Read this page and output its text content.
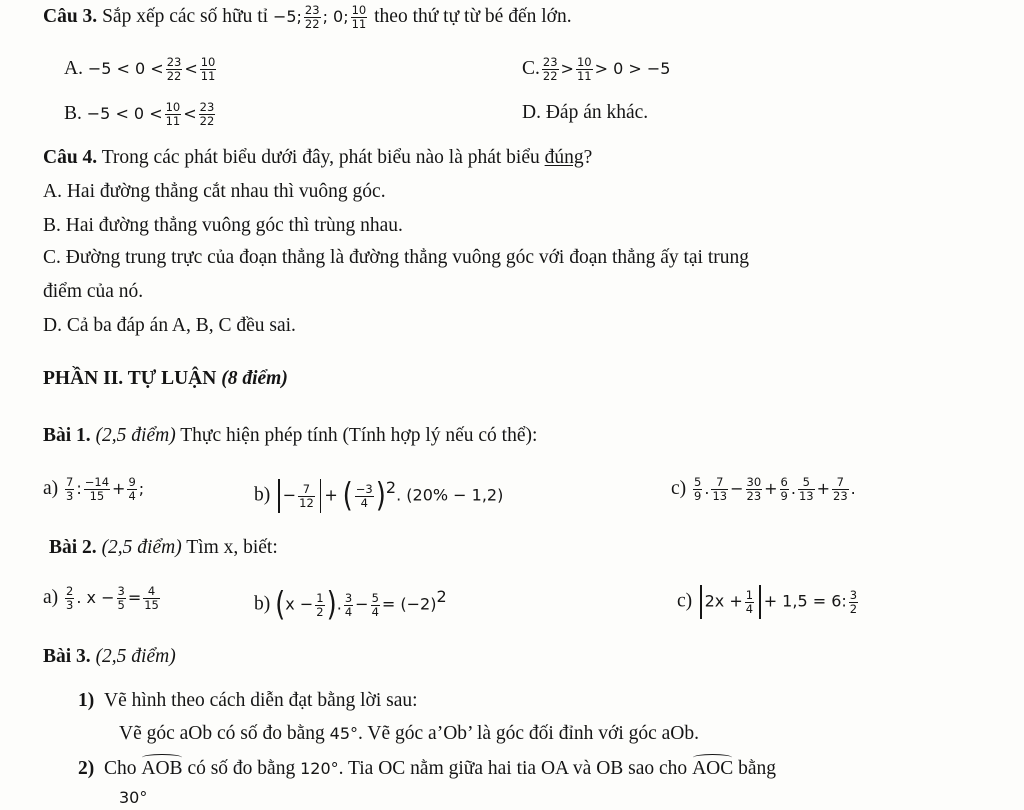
Câu 3. Sắp xếp các số hữu tỉ −5; $\frac{23}{22}$ ; 0; $\frac{10}{11}$ theo thứ tự từ bé đến lớn.
A. $-5 < 0 < \frac{23}{22} < \frac{10}{11}$	C. $\frac{23}{22} > \frac{10}{11} > 0 > -5$
B. $-5 < 0 < \frac{10}{11} < \frac{23}{22}$	D. Đáp án khác.
Câu 4. Trong các phát biểu dưới đây, phát biểu nào là phát biểu đúng?
A. Hai đường thẳng cắt nhau thì vuông góc.
B. Hai đường thẳng vuông góc thì trùng nhau.
C. Đường trung trực của đoạn thẳng là đường thẳng vuông góc với đoạn thẳng ấy tại trung
điểm của nó.
D. Cả ba đáp án A, B, C đều sai.
PHẦN II. TỰ LUẬN (8 điểm)
Bài 1. (2,5 điểm) Thực hiện phép tính (Tính hợp lý nếu có thể):
$a) \frac{7}{3}$ : $\frac{-14}{15} + \frac{9}{4}$ ;	$b) - \frac{7}{12}$ + ( $\frac{-3}{4} )^2$. (20% − 1,2)	$c) \frac{5}{9}$ . $\frac{7}{13} - \frac{30}{23} + \frac{6}{9}$ . $\frac{5}{13} + \frac{7}{23}$ .
Bài 2. (2,5 điểm) Tìm x, biết:
$a) \frac{2}{3}$ . $x - \frac{3}{5} = \frac{4}{15}$	b) ($x - \frac{1}{2}$ ). $\frac{3}{4} - \frac{5}{4} = (-2)^2$	c) $2x + \frac{1}{4} + 1,5 = 6$: $\frac{3}{2}$
Bài 3. (2,5 điểm)
1) Vẽ hình theo cách diễn đạt bằng lời sau:
Vẽ góc aOb có số đo bằng 45°. Vẽ góc a’Ob’ là góc đối đỉnh với góc aOb.
2) Cho AOB có số đo bằng 120°. Tia OC nằm giữa hai tia OA và OB sao cho AOC bằng
30°
